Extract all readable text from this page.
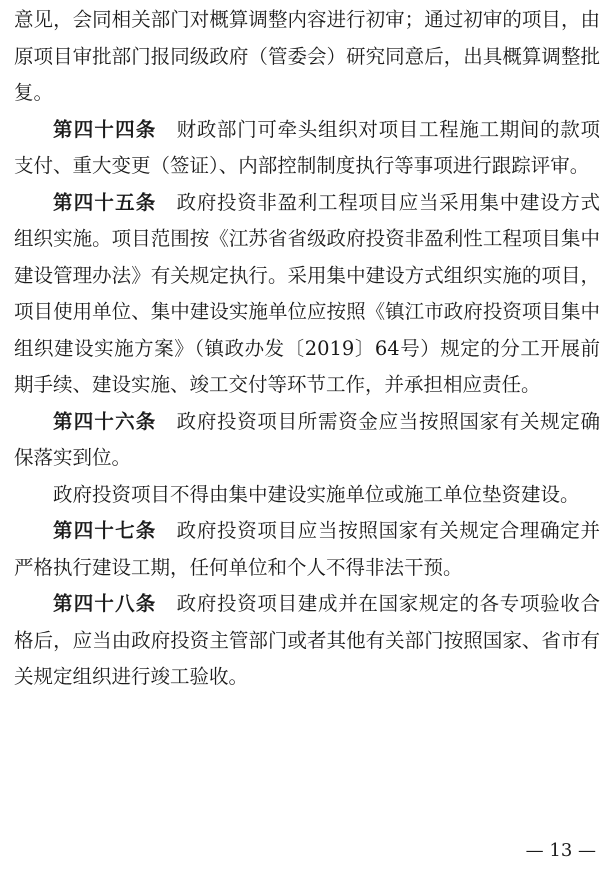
意见，会同相关部门对概算调整内容进行初审；通过初审的项目，由原项目审批部门报同级政府（管委会）研究同意后，出具概算调整批复。

第四十四条 财政部门可牵头组织对项目工程施工期间的款项支付、重大变更（签证）、内部控制制度执行等事项进行跟踪评审。

第四十五条 政府投资非盈利工程项目应当采用集中建设方式组织实施。项目范围按《江苏省省级政府投资非盈利性工程项目集中建设管理办法》有关规定执行。采用集中建设方式组织实施的项目，项目使用单位、集中建设实施单位应按照《镇江市政府投资项目集中组织建设实施方案》（镇政办发〔2019〕64号）规定的分工开展前期手续、建设实施、竣工交付等环节工作，并承担相应责任。

第四十六条 政府投资项目所需资金应当按照国家有关规定确保落实到位。

政府投资项目不得由集中建设实施单位或施工单位垫资建设。

第四十七条 政府投资项目应当按照国家有关规定合理确定并严格执行建设工期，任何单位和个人不得非法干预。

第四十八条 政府投资项目建成并在国家规定的各专项验收合格后，应当由政府投资主管部门或者其他有关部门按照国家、省市有关规定组织进行竣工验收。

— 13 —
